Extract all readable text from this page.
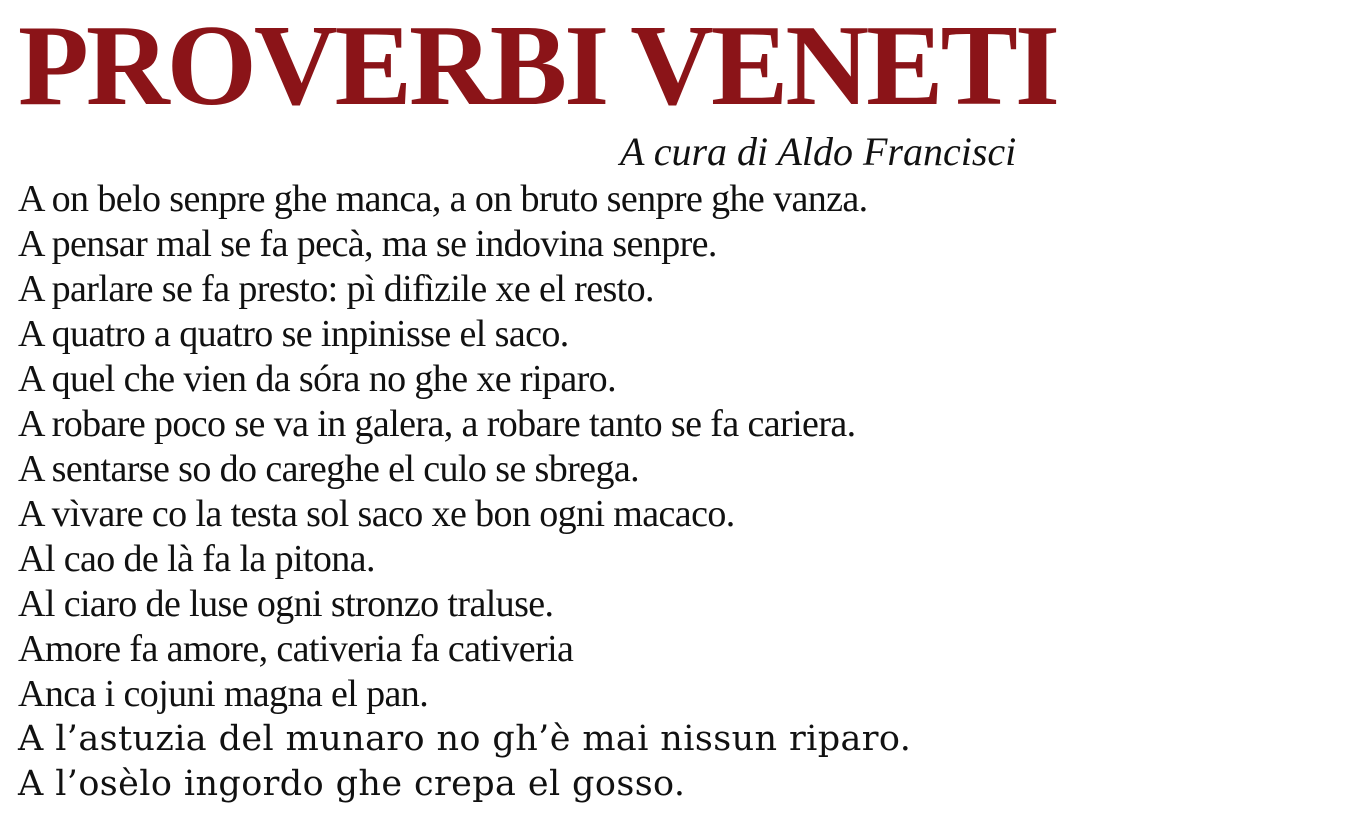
PROVERBI VENETI
A cura di Aldo Francisci
A on belo senpre ghe manca, a on bruto senpre ghe vanza.
A pensar mal se fa pecà, ma se indovina senpre.
A parlare se fa presto: pì difìzile xe el resto.
A quatro a quatro se inpinisse el saco.
A quel che vien da sóra no ghe xe riparo.
A robare poco se va in galera, a robare tanto se fa cariera.
A sentarse so do careghe el culo se sbrega.
A vìvare co la testa sol saco xe bon ogni macaco.
Al cao de là fa la pitona.
Al ciaro de luse ogni stronzo traluse.
Amore fa amore, cativeria fa cativeria
Anca i cojuni magna el pan.
A l’astuzia del munaro no gh’è mai nissun riparo.
A l’osèlo ingordo ghe crepa el gosso.
